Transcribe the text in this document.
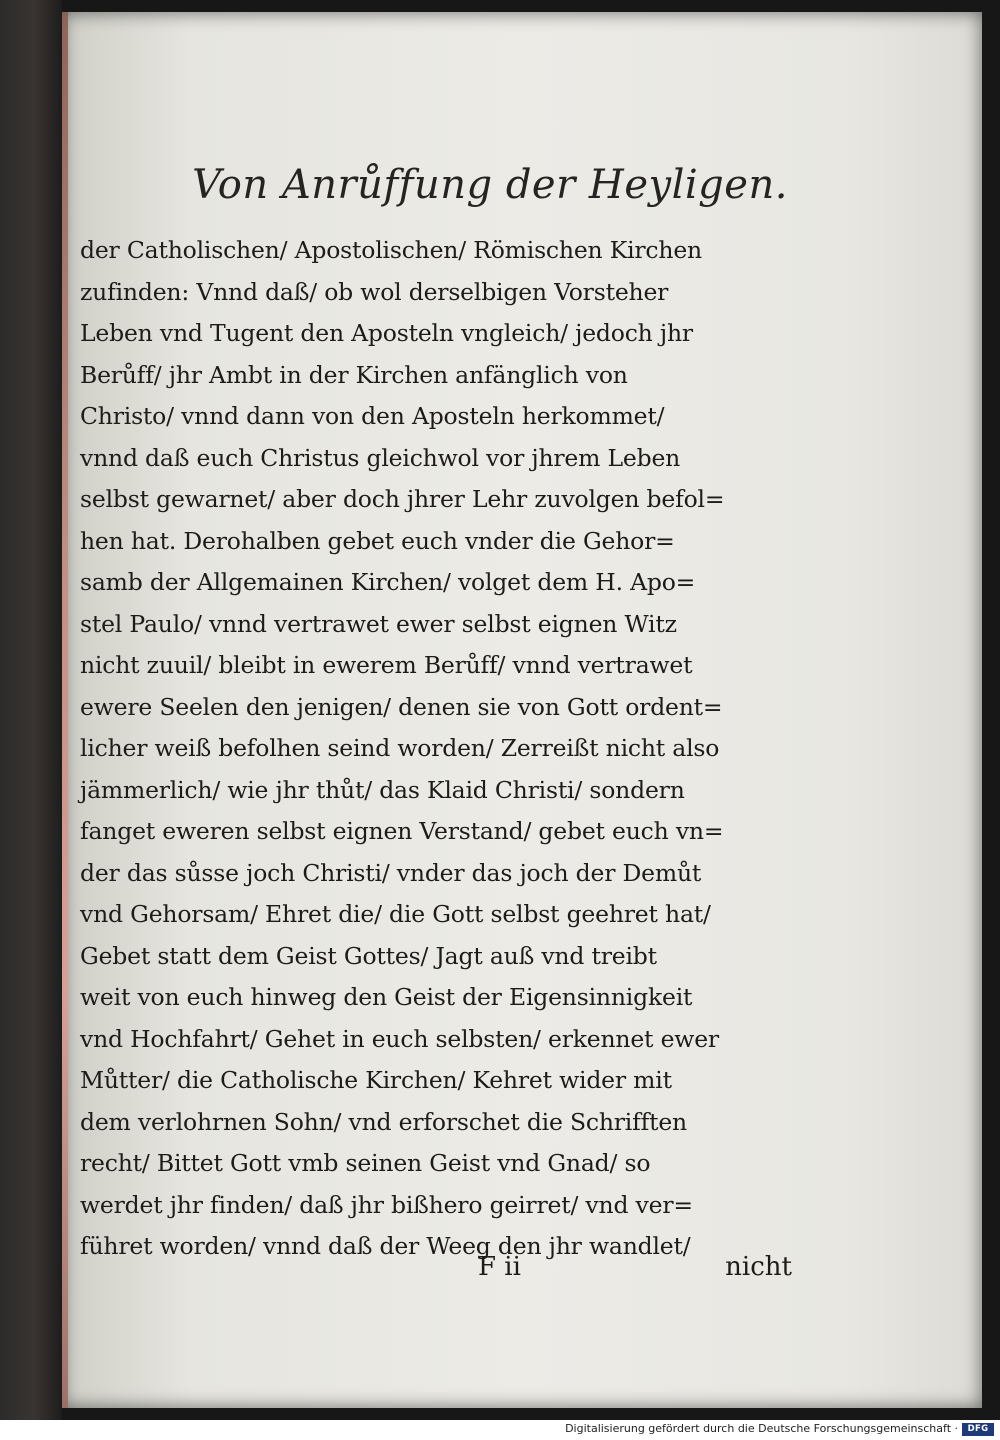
Von Anrůffung der Heyligen.
der Catholischen/ Apostolischen/ Römischen Kirchen
zufinden: Vnnd daß/ ob wol derselbigen Vorsteher
Leben vnd Tugent den Aposteln vngleich/ jedoch jhr
Berůff/ jhr Ambt in der Kirchen anfänglich von
Christo/ vnnd dann von den Aposteln herkommet/
vnnd daß euch Christus gleichwol vor jhrem Leben
selbst gewarnet/ aber doch jhrer Lehr zuvolgen befol=
hen hat. Derohalben gebet euch vnder die Gehor=
samb der Allgemainen Kirchen/ volget dem H. Apo=
stel Paulo/ vnnd vertrawet ewer selbst eignen Witz
nicht zuuil/ bleibt in ewerem Berůff/ vnnd vertrawet
ewere Seelen den jenigen/ denen sie von Gott ordent=
licher weiß befolhen seind worden/ Zerreißt nicht also
jämmerlich/ wie jhr thůt/ das Klaid Christi/ sondern
fanget eweren selbst eignen Verstand/ gebet euch vn=
der das sůsse joch Christi/ vnder das joch der Demůt
vnd Gehorsam/ Ehret die/ die Gott selbst geehret hat/
Gebet statt dem Geist Gottes/ Jagt auß vnd treibt
weit von euch hinweg den Geist der Eigensinnigkeit
vnd Hochfahrt/ Gehet in euch selbsten/ erkennet ewer
Můtter/ die Catholische Kirchen/ Kehret wider mit
dem verlohrnen Sohn/ vnd erforschet die Schrifften
recht/ Bittet Gott vmb seinen Geist vnd Gnad/ so
werdet jhr finden/ daß jhr bißhero geirret/ vnd ver=
führet worden/ vnnd daß der Weeg den jhr wandlet/
F ii	nicht
Digitalisierung gefördert durch die Deutsche Forschungsgemeinschaft ·	DFG
